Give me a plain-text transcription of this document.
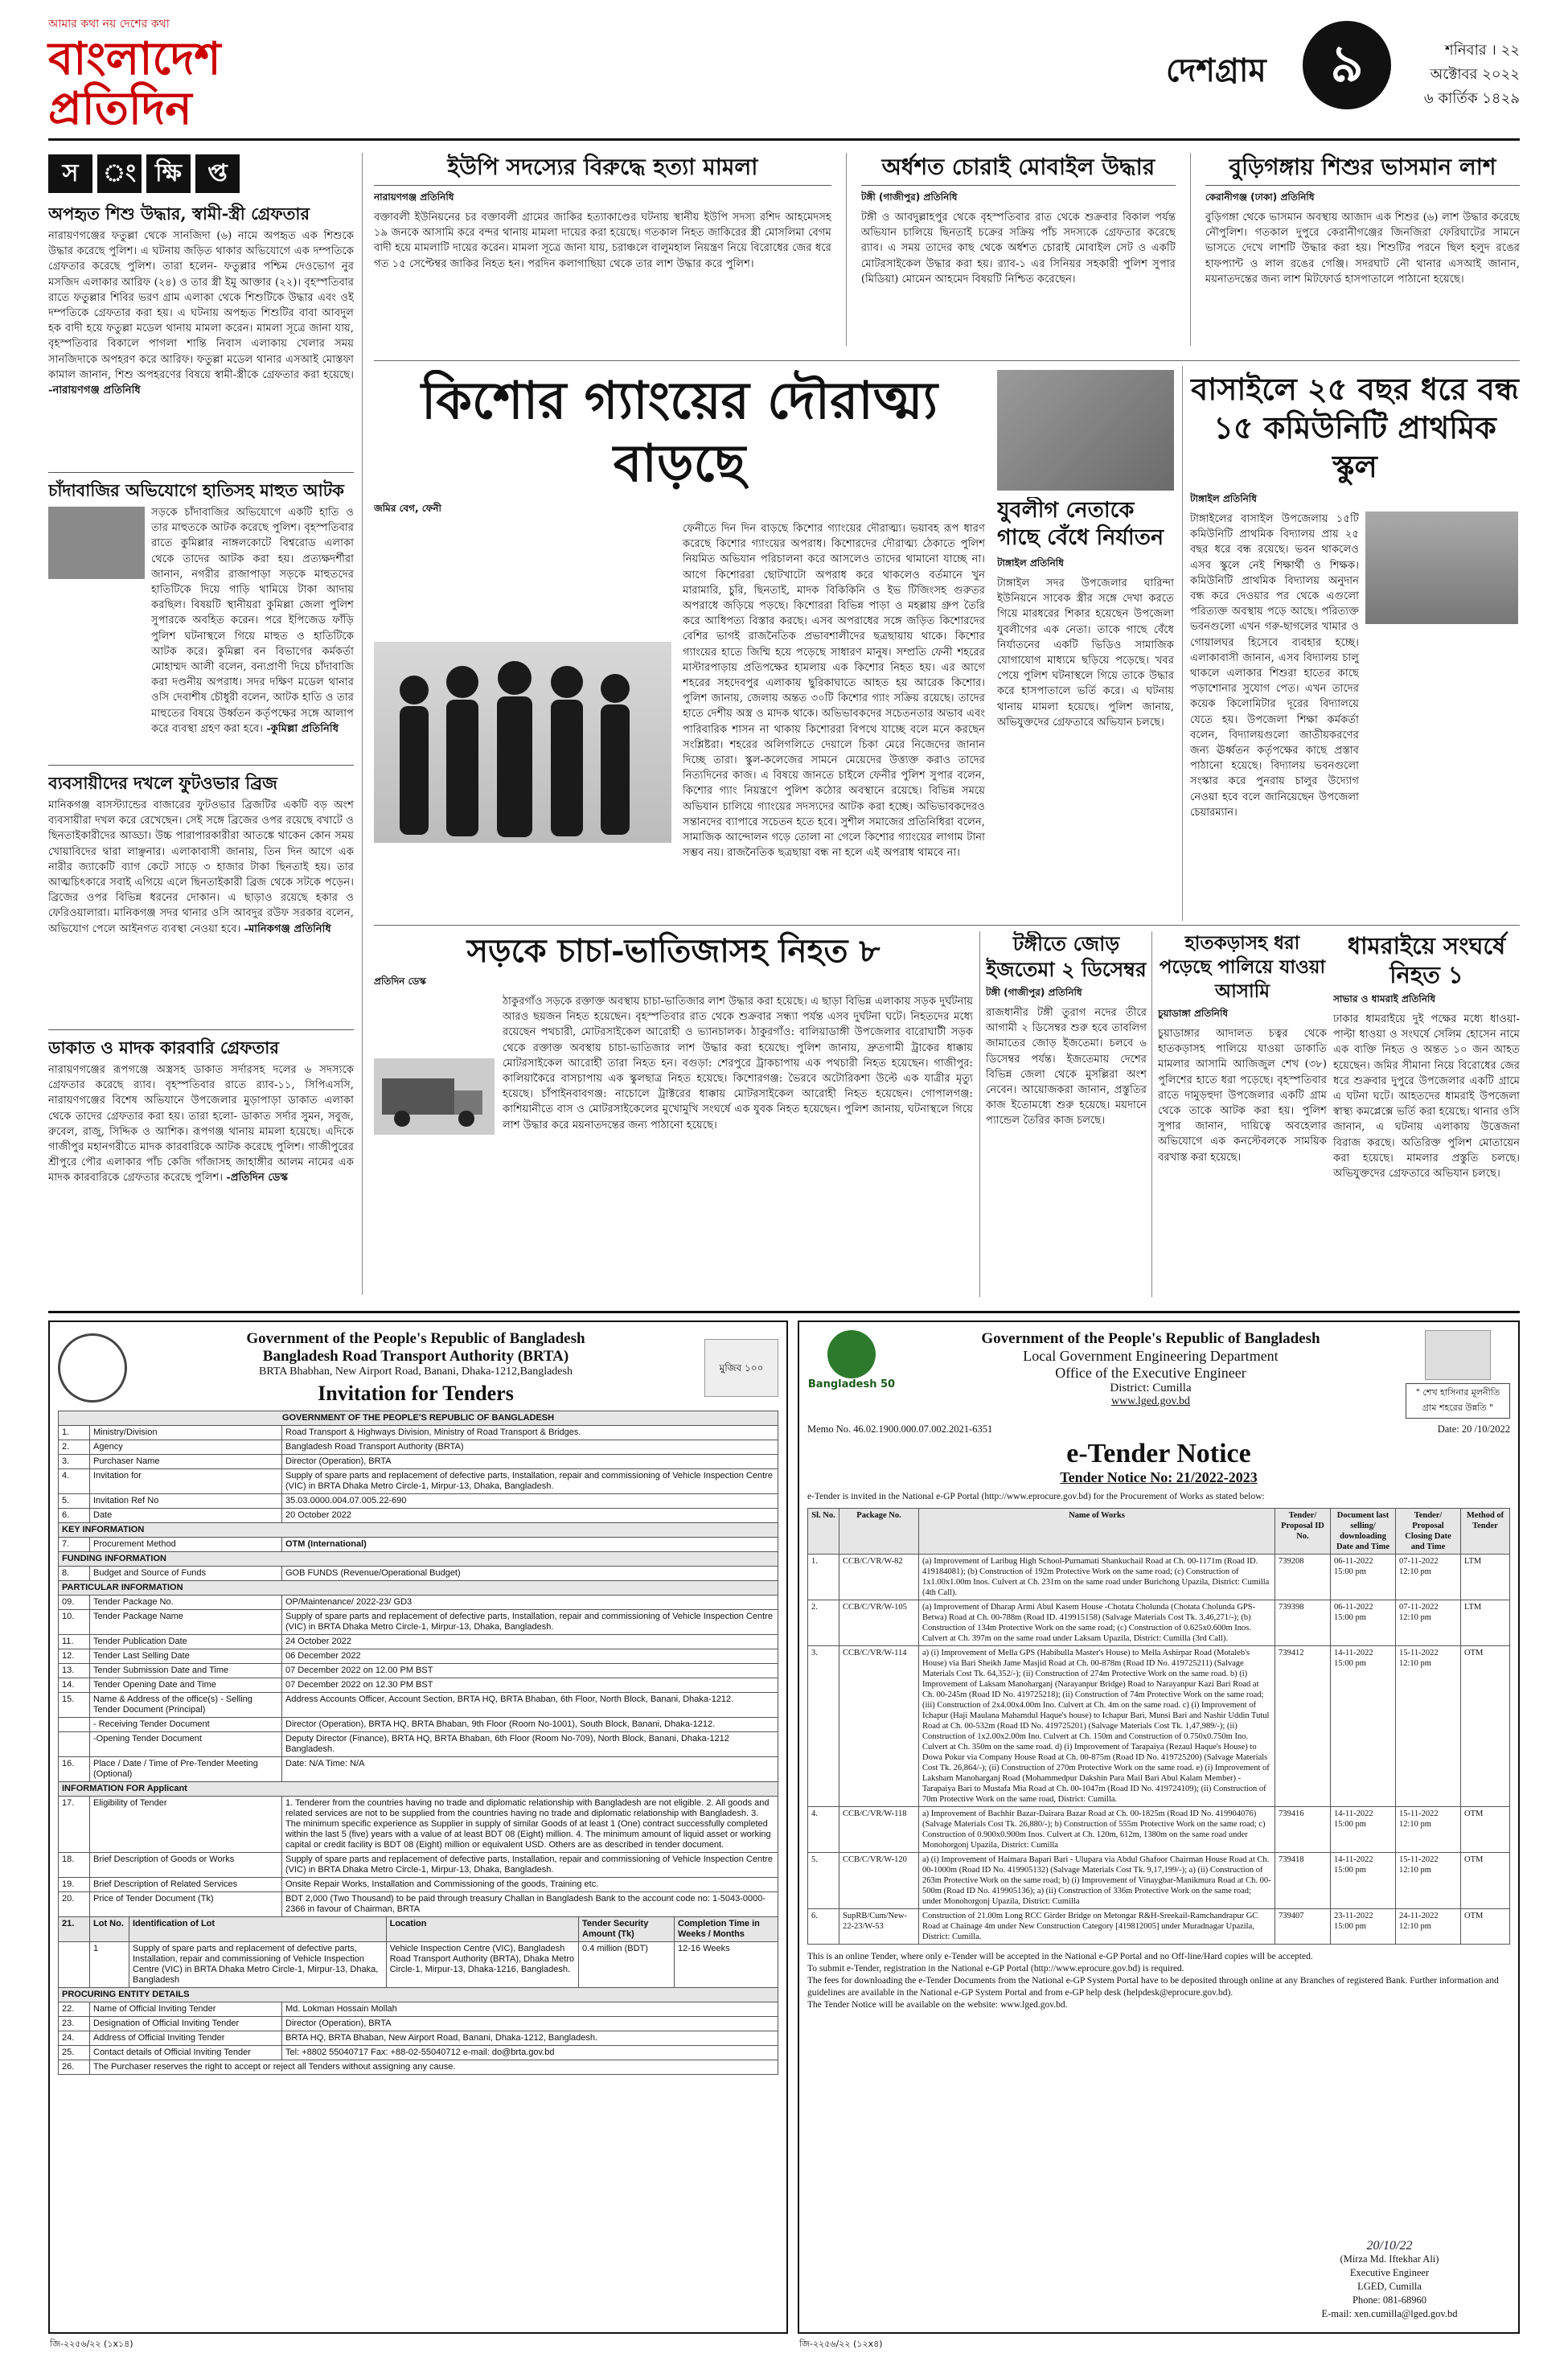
আমার কথা নয় দেশের কথা
বাংলাদেশ প্রতিদিন
দেশগ্রাম	৯	শনিবার । ২২ অক্টোবর ২০২২
৬ কার্তিক ১৪২৯
স	ং ক্ষি	প্ত
অপহৃত শিশু উদ্ধার, স্বামী-স্ত্রী গ্রেফতার
নারায়ণগঞ্জের ফতুল্লা থেকে সানজিদা (৬) নামে অপহৃত এক শিশুকে উদ্ধার করেছে পুলিশ। এ ঘটনায় জড়িত থাকার অভিযোগে এক দম্পতিকে গ্রেফতার করেছে পুলিশ। তারা হলেন- ফতুল্লার পশ্চিম দেওভোগ নুর মসজিদ এলাকার আরিফ (২৪) ও তার স্ত্রী ইমু আক্তার (২২)। বৃহস্পতিবার রাতে ফতুল্লার শিবির ভরণ গ্রাম এলাকা থেকে শিশুটিকে উদ্ধার এবং ওই দম্পতিকে গ্রেফতার করা হয়। এ ঘটনায় অপহৃত শিশুটির বাবা আবদুল হক বাদী হয়ে ফতুল্লা মডেল থানায় মামলা করেন। মামলা সূত্রে জানা যায়, বৃহস্পতিবার বিকালে পাগলা শান্তি নিবাস এলাকায় খেলার সময় সানজিদাকে অপহরণ করে আরিফ। ফতুল্লা মডেল থানার এসআই মোস্তফা কামাল জানান, শিশু অপহরণের বিষয়ে স্বামী-স্ত্রীকে গ্রেফতার করা হয়েছে। -নারায়ণগঞ্জ প্রতিনিধি
চাঁদাবাজির অভিযোগে হাতিসহ মাহুত আটক
সড়কে চাঁদাবাজির অভিযোগে একটি হাতি ও তার মাহুতকে আটক করেছে পুলিশ। বৃহস্পতিবার রাতে কুমিল্লার নাঙ্গলকোটে বিশ্বরোড এলাকা থেকে তাদের আটক করা হয়। প্রত্যক্ষদর্শীরা জানান, নগরীর রাজাপাড়া সড়কে মাহুতদের হাতিটিকে দিয়ে গাড়ি থামিয়ে টাকা আদায় করছিল। বিষয়টি স্থানীয়রা কুমিল্লা জেলা পুলিশ সুপারকে অবহিত করেন। পরে ইপিজেড ফাঁড়ি পুলিশ ঘটনাস্থলে গিয়ে মাহুত ও হাতিটিকে আটক করে। কুমিল্লা বন বিভাগের কর্মকর্তা মোহাম্মদ আলী বলেন, বন্যপ্রাণী দিয়ে চাঁদাবাজি করা দণ্ডনীয় অপরাধ। সদর দক্ষিণ মডেল থানার ওসি দেবাশীষ চৌধুরী বলেন, আটক হাতি ও তার মাহুতের বিষয়ে উর্ধ্বতন কর্তৃপক্ষের সঙ্গে আলাপ করে ব্যবস্থা গ্রহণ করা হবে। -কুমিল্লা প্রতিনিধি
ব্যবসায়ীদের দখলে ফুটওভার ব্রিজ
মানিকগঞ্জ বাসস্ট্যান্ডের বাজারের ফুটওভার ব্রিজটির একটি বড় অংশ ব্যবসায়ীরা দখল করে রেখেছেন। সেই সঙ্গে ব্রিজের ওপর রয়েছে বখাটে ও ছিনতাইকারীদের আড্ডা। উচ্চ পারাপারকারীরা আতঙ্কে থাকেন কোন সময় খোয়াবিদের দ্বারা লাঞ্ছনার। এলাকাবাসী জানায়, তিন দিন আগে এক নারীর জ্যাকেটি ব্যাগ কেটে সাড়ে ৩ হাজার টাকা ছিনতাই হয়। তার আত্মচিৎকারে সবাই এগিয়ে এলে ছিনতাইকারী ব্রিজ থেকে সটকে পড়েন। ব্রিজের ওপর বিভিন্ন ধরনের দোকান। এ ছাড়াও রয়েছে হকার ও ফেরিওয়ালারা। মানিকগঞ্জ সদর থানার ওসি আবদুর রউফ সরকার বলেন, অভিযোগ পেলে আইনগত ব্যবস্থা নেওয়া হবে। -মানিকগঞ্জ প্রতিনিধি
ডাকাত ও মাদক কারবারি গ্রেফতার
নারায়ণগঞ্জের রূপগঞ্জে অস্ত্রসহ ডাকাত সর্দারসহ দলের ৬ সদস্যকে গ্রেফতার করেছে র‌্যাব। বৃহস্পতিবার রাতে র‌্যাব-১১, সিপিএসসি, নারায়ণগঞ্জের বিশেষ অভিযানে উপজেলার মুড়াপাড়া ডাকাত এলাকা থেকে তাদের গ্রেফতার করা হয়। তারা হলো- ডাকাত সর্দার সুমন, সবুজ, রুবেল, রাজু, সিদ্দিক ও আশিক। রূপগঞ্জ থানায় মামলা হয়েছে। এদিকে গাজীপুর মহানগরীতে মাদক কারবারিকে আটক করেছে পুলিশ। গাজীপুরের শ্রীপুরে পৌর এলাকার পাঁচ কেজি গাঁজাসহ জাহাঙ্গীর আলম নামের এক মাদক কারবারিকে গ্রেফতার করেছে পুলিশ। -প্রতিদিন ডেস্ক
ইউপি সদস্যের বিরুদ্ধে হত্যা মামলা
নারায়ণগঞ্জ প্রতিনিধি
বক্তাবলী ইউনিয়নের চর বক্তাবলী গ্রামের জাকির হত্যাকাণ্ডের ঘটনায় স্থানীয় ইউপি সদস্য রশিদ আহমেদসহ ১৯ জনকে আসামি করে বন্দর থানায় মামলা দায়ের করা হয়েছে। গতকাল নিহত জাকিরের স্ত্রী মোসলিমা বেগম বাদী হয়ে মামলাটি দায়ের করেন। মামলা সূত্রে জানা যায়, চরাঞ্চলে বালুমহাল নিয়ন্ত্রণ নিয়ে বিরোধের জের ধরে গত ১৫ সেপ্টেম্বর জাকির নিহত হন। পরদিন কলাগাছিয়া থেকে তার লাশ উদ্ধার করে পুলিশ।
অর্ধশত চোরাই মোবাইল উদ্ধার
টঙ্গী (গাজীপুর) প্রতিনিধি
টঙ্গী ও আবদুল্লাহপুর থেকে বৃহস্পতিবার রাত থেকে শুক্রবার বিকাল পর্যন্ত অভিযান চালিয়ে ছিনতাই চক্রের সক্রিয় পাঁচ সদস্যকে গ্রেফতার করেছে র‌্যাব। এ সময় তাদের কাছ থেকে অর্ধশত চোরাই মোবাইল সেট ও একটি মোটরসাইকেল উদ্ধার করা হয়। র‌্যাব-১ এর সিনিয়র সহকারী পুলিশ সুপার (মিডিয়া) মোমেন আহমেদ বিষয়টি নিশ্চিত করেছেন।
বুড়িগঙ্গায় শিশুর ভাসমান লাশ
কেরানীগঞ্জ (ঢাকা) প্রতিনিধি
বুড়িগঙ্গা থেকে ভাসমান অবস্থায় আজাদ এক শিশুর (৬) লাশ উদ্ধার করেছে নৌপুলিশ। গতকাল দুপুরে কেরানীগঞ্জের জিনজিরা ফেরিঘাটের সামনে ভাসতে দেখে লাশটি উদ্ধার করা হয়। শিশুটির পরনে ছিল হলুদ রঙের হাফপ্যান্ট ও লাল রঙের গেঞ্জি। সদরঘাট নৌ থানার এসআই জানান, ময়নাতদন্তের জন্য লাশ মিটফোর্ড হাসপাতালে পাঠানো হয়েছে।
কিশোর গ্যাংয়ের দৌরাত্ম্য বাড়ছে
জমির বেগ, ফেনী
ফেনীতে দিন দিন বাড়ছে কিশোর গ্যাংয়ের দৌরাত্ম্য। ভয়াবহ রূপ ধারণ করেছে কিশোর গ্যাংয়ের অপরাধ। কিশোরদের দৌরাত্ম্য ঠেকাতে পুলিশ নিয়মিত অভিযান পরিচালনা করে আসলেও তাদের থামানো যাচ্ছে না। আগে কিশোররা ছোটখাটো অপরাধ করে থাকলেও বর্তমানে খুন মারামারি, চুরি, ছিনতাই, মাদক বিকিকিনি ও ইভ টিজিংসহ গুরুতর অপরাধে জড়িয়ে পড়ছে। কিশোররা বিভিন্ন পাড়া ও মহল্লায় গ্রুপ তৈরি করে আধিপত্য বিস্তার করছে। এসব অপরাধের সঙ্গে জড়িত কিশোরদের বেশির ভাগই রাজনৈতিক প্রভাবশালীদের ছত্রছায়ায় থাকে। কিশোর গ্যাংয়ের হাতে জিম্মি হয়ে পড়েছে সাধারণ মানুষ। সম্প্রতি ফেনী শহরের মাস্টারপাড়ায় প্রতিপক্ষের হামলায় এক কিশোর নিহত হয়। এর আগে শহরের সহদেবপুর এলাকায় ছুরিকাঘাতে আহত হয় আরেক কিশোর। পুলিশ জানায়, জেলায় অন্তত ৩০টি কিশোর গ্যাং সক্রিয় রয়েছে। তাদের হাতে দেশীয় অস্ত্র ও মাদক থাকে। অভিভাবকদের সচেতনতার অভাব এবং পারিবারিক শাসন না থাকায় কিশোররা বিপথে যাচ্ছে বলে মনে করছেন সংশ্লিষ্টরা। শহরের অলিগলিতে দেয়ালে চিকা মেরে নিজেদের জানান দিচ্ছে তারা। স্কুল-কলেজের সামনে মেয়েদের উত্ত্যক্ত করাও তাদের নিত্যদিনের কাজ। এ বিষয়ে জানতে চাইলে ফেনীর পুলিশ সুপার বলেন, কিশোর গ্যাং নিয়ন্ত্রণে পুলিশ কঠোর অবস্থানে রয়েছে। বিভিন্ন সময়ে অভিযান চালিয়ে গ্যাংয়ের সদস্যদের আটক করা হচ্ছে। অভিভাবকদেরও সন্তানদের ব্যাপারে সচেতন হতে হবে। সুশীল সমাজের প্রতিনিধিরা বলেন, সামাজিক আন্দোলন গড়ে তোলা না গেলে কিশোর গ্যাংয়ের লাগাম টানা সম্ভব নয়। রাজনৈতিক ছত্রছায়া বন্ধ না হলে এই অপরাধ থামবে না।
যুবলীগ নেতাকে গাছে বেঁধে নির্যাতন
টাঙ্গাইল প্রতিনিধি
টাঙ্গাইল সদর উপজেলার ঘারিন্দা ইউনিয়নে সাবেক স্ত্রীর সঙ্গে দেখা করতে গিয়ে মারধরের শিকার হয়েছেন উপজেলা যুবলীগের এক নেতা। তাকে গাছে বেঁধে নির্যাতনের একটি ভিডিও সামাজিক যোগাযোগ মাধ্যমে ছড়িয়ে পড়েছে। খবর পেয়ে পুলিশ ঘটনাস্থলে গিয়ে তাকে উদ্ধার করে হাসপাতালে ভর্তি করে। এ ঘটনায় থানায় মামলা হয়েছে। পুলিশ জানায়, অভিযুক্তদের গ্রেফতারে অভিযান চলছে।
বাসাইলে ২৫ বছর ধরে বন্ধ ১৫ কমিউনিটি প্রাথমিক স্কুল
টাঙ্গাইল প্রতিনিধি
টাঙ্গাইলের বাসাইল উপজেলায় ১৫টি কমিউনিটি প্রাথমিক বিদ্যালয় প্রায় ২৫ বছর ধরে বন্ধ রয়েছে। ভবন থাকলেও এসব স্কুলে নেই শিক্ষার্থী ও শিক্ষক। কমিউনিটি প্রাথমিক বিদ্যালয় অনুদান বন্ধ করে দেওয়ার পর থেকে এগুলো পরিত্যক্ত অবস্থায় পড়ে আছে। পরিত্যক্ত ভবনগুলো এখন গরু-ছাগলের খামার ও গোয়ালঘর হিসেবে ব্যবহার হচ্ছে। এলাকাবাসী জানান, এসব বিদ্যালয় চালু থাকলে এলাকার শিশুরা হাতের কাছে পড়াশোনার সুযোগ পেত। এখন তাদের কয়েক কিলোমিটার দূরের বিদ্যালয়ে যেতে হয়। উপজেলা শিক্ষা কর্মকর্তা বলেন, বিদ্যালয়গুলো জাতীয়করণের জন্য ঊর্ধ্বতন কর্তৃপক্ষের কাছে প্রস্তাব পাঠানো হয়েছে। বিদ্যালয় ভবনগুলো সংস্কার করে পুনরায় চালুর উদ্যোগ নেওয়া হবে বলে জানিয়েছেন উপজেলা চেয়ারম্যান।
সড়কে চাচা-ভাতিজাসহ নিহত ৮
প্রতিদিন ডেস্ক
ঠাকুরগাঁও সড়কে রক্তাক্ত অবস্থায় চাচা-ভাতিজার লাশ উদ্ধার করা হয়েছে। এ ছাড়া বিভিন্ন এলাকায় সড়ক দুর্ঘটনায় আরও ছয়জন নিহত হয়েছেন। বৃহস্পতিবার রাত থেকে শুক্রবার সন্ধ্যা পর্যন্ত এসব দুর্ঘটনা ঘটে। নিহতদের মধ্যে রয়েছেন পথচারী, মোটরসাইকেল আরোহী ও ভ্যানচালক। ঠাকুরগাঁও: বালিয়াডাঙ্গী উপজেলার বারোঘাটী সড়ক থেকে রক্তাক্ত অবস্থায় চাচা-ভাতিজার লাশ উদ্ধার করা হয়েছে। পুলিশ জানায়, দ্রুতগামী ট্রাকের ধাক্কায় মোটরসাইকেল আরোহী তারা নিহত হন। বগুড়া: শেরপুরে ট্রাকচাপায় এক পথচারী নিহত হয়েছেন। গাজীপুর: কালিয়াকৈরে বাসচাপায় এক স্কুলছাত্র নিহত হয়েছে। কিশোরগঞ্জ: ভৈরবে অটোরিকশা উল্টে এক যাত্রীর মৃত্যু হয়েছে। চাঁপাইনবাবগঞ্জ: নাচোলে ট্রাক্টরের ধাক্কায় মোটরসাইকেল আরোহী নিহত হয়েছেন। গোপালগঞ্জ: কাশিয়ানীতে বাস ও মোটরসাইকেলের মুখোমুখি সংঘর্ষে এক যুবক নিহত হয়েছেন। পুলিশ জানায়, ঘটনাস্থলে গিয়ে লাশ উদ্ধার করে ময়নাতদন্তের জন্য পাঠানো হয়েছে।
টঙ্গীতে জোড় ইজতেমা ২ ডিসেম্বর
টঙ্গী (গাজীপুর) প্রতিনিধি
রাজধানীর টঙ্গী তুরাগ নদের তীরে আগামী ২ ডিসেম্বর শুরু হবে তাবলিগ জামাতের জোড় ইজতেমা। চলবে ৬ ডিসেম্বর পর্যন্ত। ইজতেমায় দেশের বিভিন্ন জেলা থেকে মুসল্লিরা অংশ নেবেন। আয়োজকরা জানান, প্রস্তুতির কাজ ইতোমধ্যে শুরু হয়েছে। ময়দানে প্যান্ডেল তৈরির কাজ চলছে।
হাতকড়াসহ ধরা পড়েছে পালিয়ে যাওয়া আসামি
চুয়াডাঙ্গা প্রতিনিধি
চুয়াডাঙ্গার আদালত চত্বর থেকে হাতকড়াসহ পালিয়ে যাওয়া ডাকাতি মামলার আসামি আজিজুল শেখ (৩৮) পুলিশের হাতে ধরা পড়েছে। বৃহস্পতিবার রাতে দামুড়হুদা উপজেলার একটি গ্রাম থেকে তাকে আটক করা হয়। পুলিশ সুপার জানান, দায়িত্বে অবহেলার অভিযোগে এক কনস্টেবলকে সাময়িক বরখাস্ত করা হয়েছে।
ধামরাইয়ে সংঘর্ষে নিহত ১
সাভার ও ধামরাই প্রতিনিধি
ঢাকার ধামরাইয়ে দুই পক্ষের মধ্যে ধাওয়া-পাল্টা ধাওয়া ও সংঘর্ষে সেলিম হোসেন নামে এক ব্যক্তি নিহত ও অন্তত ১০ জন আহত হয়েছেন। জমির সীমানা নিয়ে বিরোধের জের ধরে শুক্রবার দুপুরে উপজেলার একটি গ্রামে এ ঘটনা ঘটে। আহতদের ধামরাই উপজেলা স্বাস্থ্য কমপ্লেক্সে ভর্তি করা হয়েছে। থানার ওসি জানান, এ ঘটনায় এলাকায় উত্তেজনা বিরাজ করছে। অতিরিক্ত পুলিশ মোতায়েন করা হয়েছে। মামলার প্রস্তুতি চলছে। অভিযুক্তদের গ্রেফতারে অভিযান চলছে।
Government of the People's Republic of Bangladesh
Bangladesh Road Transport Authority (BRTA)
BRTA Bhabhan, New Airport Road, Banani, Dhaka-1212,Bangladesh
Invitation for Tenders
মুজিব ১০০
GOVERNMENT OF THE PEOPLE'S REPUBLIC OF BANGLADESH		
1.	Ministry/Division	Road Transport & Highways Division, Ministry of Road Transport & Bridges.
2.	Agency	Bangladesh Road Transport Authority (BRTA)
3.	Purchaser Name	Director (Operation), BRTA
4.	Invitation for	Supply of spare parts and replacement of defective parts, Installation, repair and commissioning of Vehicle Inspection Centre (VIC) in BRTA Dhaka Metro Circle-1, Mirpur-13, Dhaka, Bangladesh.
5.	Invitation Ref No	35.03.0000.004.07.005.22-690
6.	Date	20 October 2022
KEY INFORMATION		
7.	Procurement Method	OTM (International)
FUNDING INFORMATION		
8.	Budget and Source of Funds	GOB FUNDS (Revenue/Operational Budget)
PARTICULAR INFORMATION		
09.	Tender Package No.	OP/Maintenance/ 2022-23/ GD3
10.	Tender Package Name	Supply of spare parts and replacement of defective parts, Installation, repair and commissioning of Vehicle Inspection Centre (VIC) in BRTA Dhaka Metro Circle-1, Mirpur-13, Dhaka, Bangladesh.
11.	Tender Publication Date	24 October 2022
12.	Tender Last Selling Date	06 December 2022
13.	Tender Submission Date and Time	07 December 2022 on 12.00 PM BST
14.	Tender Opening Date and Time	07 December 2022 on 12.30 PM BST
15.	Name & Address of the office(s) - Selling Tender Document (Principal)	Address Accounts Officer, Account Section, BRTA HQ, BRTA Bhaban, 6th Floor, North Block, Banani, Dhaka-1212.
	- Receiving Tender Document	Director (Operation), BRTA HQ, BRTA Bhaban, 9th Floor (Room No-1001), South Block, Banani, Dhaka-1212.
	-Opening Tender Document	Deputy Director (Finance), BRTA HQ, BRTA Bhaban, 6th Floor (Room No-709), North Block, Banani, Dhaka-1212 Bangladesh.
16.	Place / Date / Time of Pre-Tender Meeting (Optional)	Date: N/A Time: N/A
INFORMATION FOR Applicant		
17.	Eligibility of Tender	1. Tenderer from the countries having no trade and diplomatic relationship with Bangladesh are not eligible. 2. All goods and related services are not to be supplied from the countries having no trade and diplomatic relationship with Bangladesh. 3. The minimum specific experience as Supplier in supply of similar Goods of at least 1 (One) contract successfully completed within the last 5 (five) years with a value of at least BDT 08 (Eight) million. 4. The minimum amount of liquid asset or working capital or credit facility is BDT 08 (Eight) million or equivalent USD. Others are as described in tender document.
18.	Brief Description of Goods or Works	Supply of spare parts and replacement of defective parts, Installation, repair and commissioning of Vehicle Inspection Centre (VIC) in BRTA Dhaka Metro Circle-1, Mirpur-13, Dhaka, Bangladesh.
19.	Brief Description of Related Services	Onsite Repair Works, Installation and Commissioning of the goods, Training etc.
20.	Price of Tender Document (Tk)	BDT 2,000 (Two Thousand) to be paid through treasury Challan in Bangladesh Bank to the account code no: 1-5043-0000-2366 in favour of Chairman, BRTA
21.	Lot No.	Identification of Lot	Location	Tender Security Amount (Tk)	Completion Time in Weeks / Months
	1	Supply of spare parts and replacement of defective parts, Installation, repair and commissioning of Vehicle Inspection Centre (VIC) in BRTA Dhaka Metro Circle-1, Mirpur-13, Dhaka, Bangladesh	Vehicle Inspection Centre (VIC), Bangladesh Road Transport Authority (BRTA), Dhaka Metro Circle-1, Mirpur-13, Dhaka-1216, Bangladesh.	0.4 million (BDT)	12-16 Weeks
PROCURING ENTITY DETAILS		
22.	Name of Official Inviting Tender	Md. Lokman Hossain Mollah
23.	Designation of Official Inviting Tender	Director (Operation), BRTA
24.	Address of Official Inviting Tender	BRTA HQ, BRTA Bhaban, New Airport Road, Banani, Dhaka-1212, Bangladesh.
25.	Contact details of Official Inviting Tender	Tel: +8802 55040717 Fax: +88-02-55040712 e-mail: do@brta.gov.bd
26.	The Purchaser reserves the right to accept or reject all Tenders without assigning any cause.	
জি-২২৫৬/২২ (১x১৪)
Bangladesh 50
Government of the People's Republic of Bangladesh
Local Government Engineering Department
Office of the Executive Engineer
District: Cumilla
www.lged.gov.bd
" শেখ হাসিনার মূলনীতি গ্রাম শহরের উন্নতি "
Memo No. 46.02.1900.000.07.002.2021-6351	Date: 20 /10/2022
e-Tender Notice
Tender Notice No: 21/2022-2023
e-Tender is invited in the National e-GP Portal (http://www.eprocure.gov.bd) for the Procurement of Works as stated below:
Sl. No.	Package No.	Name of Works	Tender/ Proposal ID No.	Document last selling/ downloading Date and Time	Tender/ Proposal Closing Date and Time	Method of Tender
1.	CCB/C/VR/W-82	(a) Improvement of Laribug High School-Purnamati Shankuchail Road at Ch. 00-1171m (Road ID. 419184081); (b) Construction of 192m Protective Work on the same road; (c) Construction of 1x1.00x1.00m Inos. Culvert at Ch. 231m on the same road under Burichong Upazila, District: Cumilla (4th Call).	739208	06-11-2022 15:00 pm	07-11-2022 12:10 pm	LTM
2.	CCB/C/VR/W-105	(a) Improvement of Dharap Armi Abul Kasem House -Chotata Cholunda (Chotata Cholunda GPS-Betwa) Road at Ch. 00-788m (Road ID. 419915158) (Salvage Materials Cost Tk. 3,46,271/-); (b) Construction of 134m Protective Work on the same road; (c) Construction of 0.625x0.600m Inos. Culvert at Ch. 397m on the same road under Laksam Upazila, District: Cumilla (3rd Call).	739398	06-11-2022 15:00 pm	07-11-2022 12:10 pm	LTM
3.	CCB/C/VR/W-114	a) (i) Improvement of Mella GPS (Habibulla Master's House) to Mella Ashirpar Road (Motaleb's House) via Bari Sheikh Jame Masjid Road at Ch. 00-878m (Road ID No. 419725211) (Salvage Materials Cost Tk. 64,352/-); (ii) Construction of 274m Protective Work on the same road. b) (i) Improvement of Laksam Manoharganj (Narayanpur Bridge) Road to Narayanpur Kazi Bari Road at Ch. 00-245m (Road ID No. 419725218); (ii) Construction of 74m Protective Work on the same road; (iii) Construction of 2x4.00x4.00m Ino. Culvert at Ch. 4m on the same road. c) (i) Improvement of Ichapur (Haji Maulana Mahamdul Haque's house) to Ichapur Bari, Munsi Bari and Nashir Uddin Tutul Road at Ch. 00-532m (Road ID No. 419725201) (Salvage Materials Cost Tk. 1,47,989/-); (ii) Construction of 1x2.00x2.00m Ino. Culvert at Ch. 150m and Construction of 0.750x0.750m Ino. Culvert at Ch. 350m on the same road. d) (i) Improvement of Tarapaiya (Rezaul Haque's House) to Dowa Pokur via Company House Road at Ch. 00-875m (Road ID No. 419725200) (Salvage Materials Cost Tk. 26,864/-); (ii) Construction of 270m Protective Work on the same road. e) (i) Improvement of Laksham Manoharganj Road (Mohammedpur Dakshin Para Mail Bari Abul Kalam Member) - Tarapaiya Bari to Mustafa Mia Road at Ch. 00-1047m (Road ID No. 419724109); (ii) Construction of 70m Protective Work on the same road, District: Cumilla.	739412	14-11-2022 15:00 pm	15-11-2022 12:10 pm	OTM
4.	CCB/C/VR/W-118	a) Improvement of Bachhir Bazar-Dairara Bazar Road at Ch. 00-1825m (Road ID No. 419904076) (Salvage Materials Cost Tk. 26,880/-); b) Construction of 555m Protective Work on the same road; c) Construction of 0.900x0.900m Inos. Culvert at Ch. 120m, 612m, 1380m on the same road under Monohorgonj Upazila, District: Cumilla	739416	14-11-2022 15:00 pm	15-11-2022 12:10 pm	OTM
5.	CCB/C/VR/W-120	a) (i) Improvement of Haimara Bapari Bari - Ulupara via Abdul Ghafoor Chairman House Road at Ch. 00-1000m (Road ID No. 419905132) (Salvage Materials Cost Tk. 9,17,199/-); a) (ii) Construction of 263m Protective Work on the same road; b) (i) Improvement of Vinaygbar-Manikmura Road at Ch. 00-500m (Road ID No. 419905136); a) (ii) Construction of 336m Protective Work on the same road; under Monohorgonj Upazila, District: Cumilla	739418	14-11-2022 15:00 pm	15-11-2022 12:10 pm	OTM
6.	SupRB/Cum/New-22-23/W-53	Construction of 21.00m Long RCC Girder Bridge on Metongar R&H-Sreekail-Ramchandrapur GC Road at Chainage 4m under New Construction Category [419812005] under Muradnagar Upazila, District: Cumilla.	739407	23-11-2022 15:00 pm	24-11-2022 12:10 pm	OTM
This is an online Tender, where only e-Tender will be accepted in the National e-GP Portal and no Off-line/Hard copies will be accepted.
To submit e-Tender, registration in the National e-GP Portal (http://www.eprocure.gov.bd) is required.
The fees for downloading the e-Tender Documents from the National e-GP System Portal have to be deposited through online at any Branches of registered Bank. Further information and guidelines are available in the National e-GP System Portal and from e-GP help desk (helpdesk@eprocure.gov.bd).
The Tender Notice will be available on the website: www.lged.gov.bd.
20/10/22
(Mirza Md. Iftekhar Ali)
Executive Engineer
LGED, Cumilla
Phone: 081-68960
E-mail: xen.cumilla@lged.gov.bd
জি-২২৫৬/২২ (১২x৪)
